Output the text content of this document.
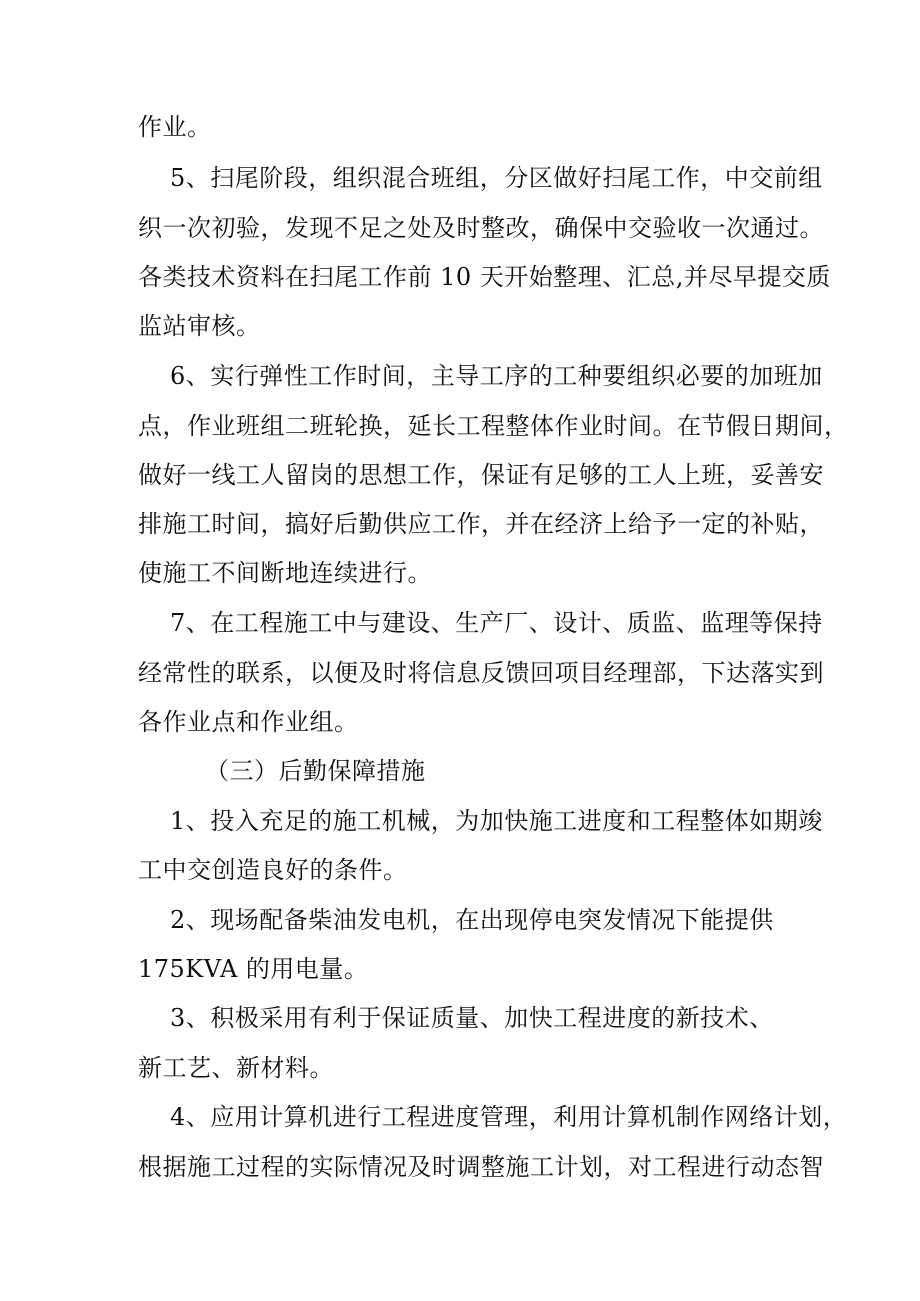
作业。
5、扫尾阶段，组织混合班组，分区做好扫尾工作，中交前组
织一次初验，发现不足之处及时整改，确保中交验收一次通过。
各类技术资料在扫尾工作前 10 天开始整理、汇总,并尽早提交质
监站审核。
6、实行弹性工作时间，主导工序的工种要组织必要的加班加
点，作业班组二班轮换，延长工程整体作业时间。在节假日期间，
做好一线工人留岗的思想工作，保证有足够的工人上班，妥善安
排施工时间，搞好后勤供应工作，并在经济上给予一定的补贴，
使施工不间断地连续进行。
7、在工程施工中与建设、生产厂、设计、质监、监理等保持
经常性的联系，以便及时将信息反馈回项目经理部，下达落实到
各作业点和作业组。
（三）后勤保障措施
1、投入充足的施工机械，为加快施工进度和工程整体如期竣
工中交创造良好的条件。
2、现场配备柴油发电机，在出现停电突发情况下能提供
175KVA 的用电量。
3、积极采用有利于保证质量、加快工程进度的新技术、
新工艺、新材料。
4、应用计算机进行工程进度管理，利用计算机制作网络计划，
根据施工过程的实际情况及时调整施工计划，对工程进行动态智
